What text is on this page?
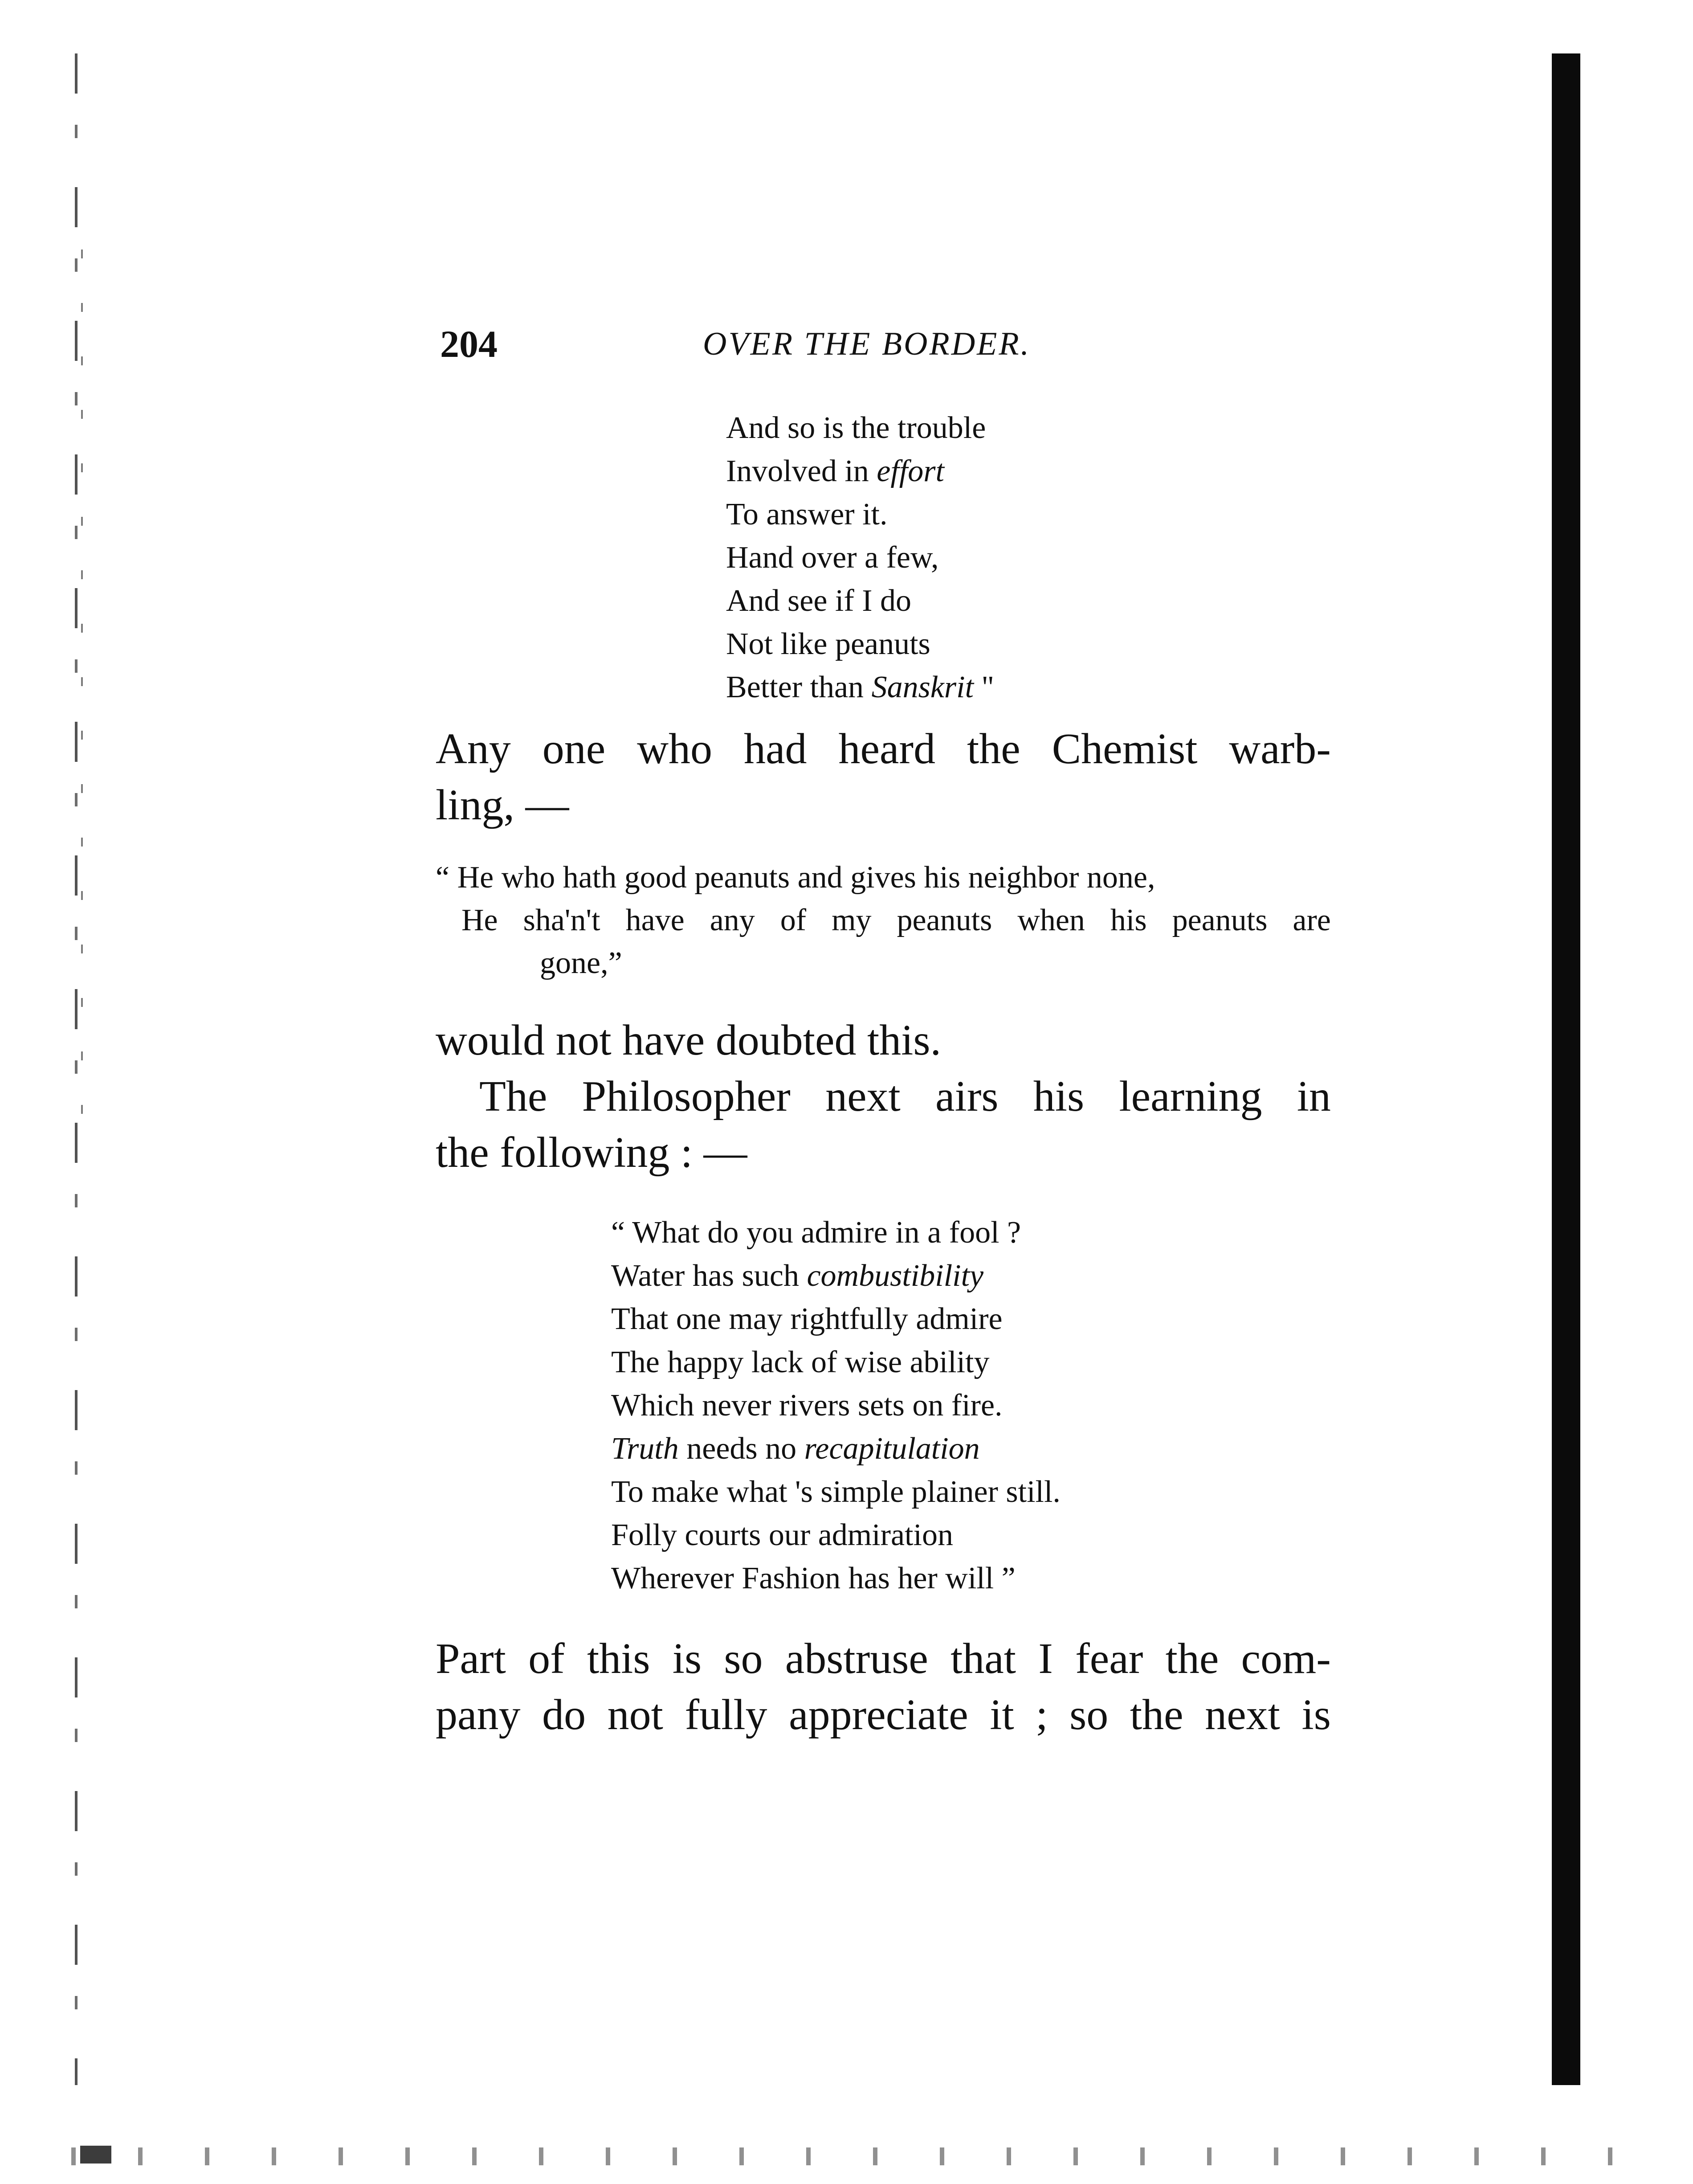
204	OVER THE BORDER.
And so is the trouble
Involved in effort
To answer it.
Hand over a few,
And see if I do
Not like peanuts
Better than Sanskrit "
Any one who had heard the Chemist warb-
ling, —
“ He who hath good peanuts and gives his neighbor none,
He sha'n't have any of my peanuts when his peanuts are
gone,”
would not have doubted this.
The Philosopher next airs his learning in
the following : —
“ What do you admire in a fool ?
Water has such combustibility
That one may rightfully admire
The happy lack of wise ability
Which never rivers sets on fire.
Truth needs no recapitulation
To make what 's simple plainer still.
Folly courts our admiration
Wherever Fashion has her will ”
Part of this is so abstruse that I fear the com-
pany do not fully appreciate it ; so the next is
